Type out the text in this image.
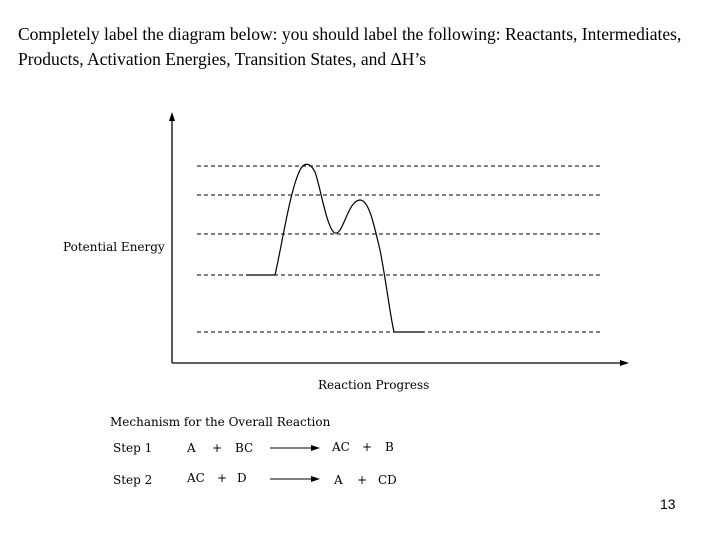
Completely label the diagram below: you should label the following: Reactants, Intermediates, Products, Activation Energies, Transition States, and ΔH’s
Potential Energy
Reaction Progress
Mechanism for the Overall Reaction
Step 1	A + BC	AC + B
Step 2	AC + D	A + CD
13
